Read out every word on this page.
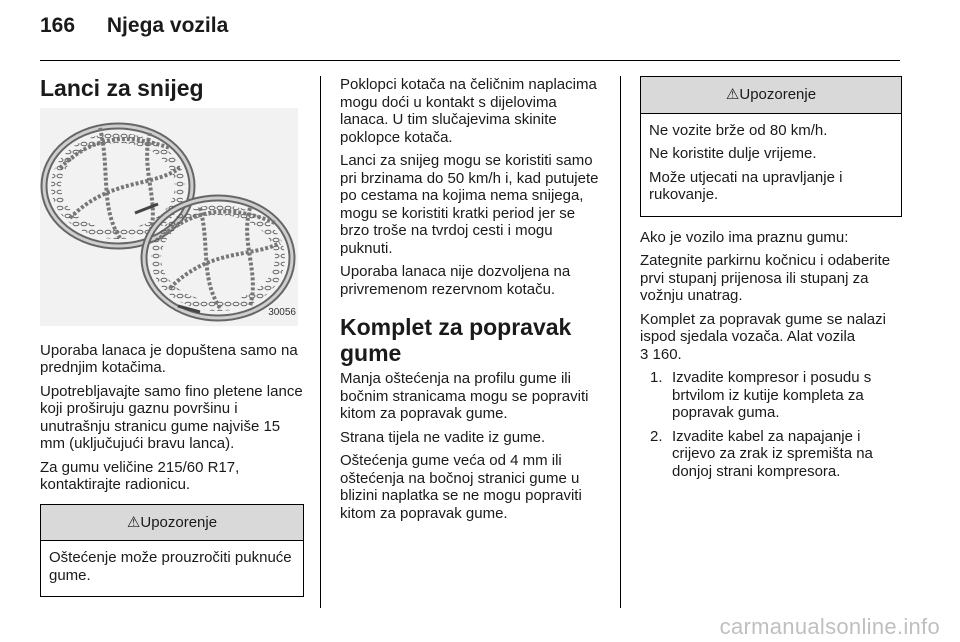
166 Njega vozila
Lanci za snijeg
30056

Uporaba lanaca je dopuštena samo na prednjim kotačima.

Upotrebljavajte samo fino pletene lance koji proširuju gaznu površinu i unutrašnju stranicu gume najviše 15 mm (uključujući bravu lanca).

Za gumu veličine 215/60 R17, kontaktirajte radionicu.

⚠Upozorenje

Oštećenje može prouzročiti puknuće gume.

Poklopci kotača na čeličnim naplacima mogu doći u kontakt s dijelovima lanaca. U tim slučajevima skinite poklopce kotača.

Lanci za snijeg mogu se koristiti samo pri brzinama do 50 km/h i, kad putujete po cestama na kojima nema snijega, mogu se koristiti kratki period jer se brzo troše na tvrdoj cesti i mogu puknuti.

Uporaba lanaca nije dozvoljena na privremenom rezervnom kotaču.

Komplet za popravak gume

Manja oštećenja na profilu gume ili bočnim stranicama mogu se popraviti kitom za popravak gume.

Strana tijela ne vadite iz gume.

Oštećenja gume veća od 4 mm ili oštećenja na bočnoj stranici gume u blizini naplatka se ne mogu popraviti kitom za popravak gume.

⚠Upozorenje

Ne vozite brže od 80 km/h.

Ne koristite dulje vrijeme.

Može utjecati na upravljanje i rukovanje.

Ako je vozilo ima praznu gumu:

Zategnite parkirnu kočnicu i odaberite prvi stupanj prijenosa ili stupanj za vožnju unatrag.

Komplet za popravak gume se nalazi ispod sjedala vozača. Alat vozila

3 160.

1. Izvadite kompresor i posudu s brtvilom iz kutije kompleta za popravak guma.
2. Izvadite kabel za napajanje i crijevo za zrak iz spremišta na donjoj strani kompresora.
carmanualsonline.info
